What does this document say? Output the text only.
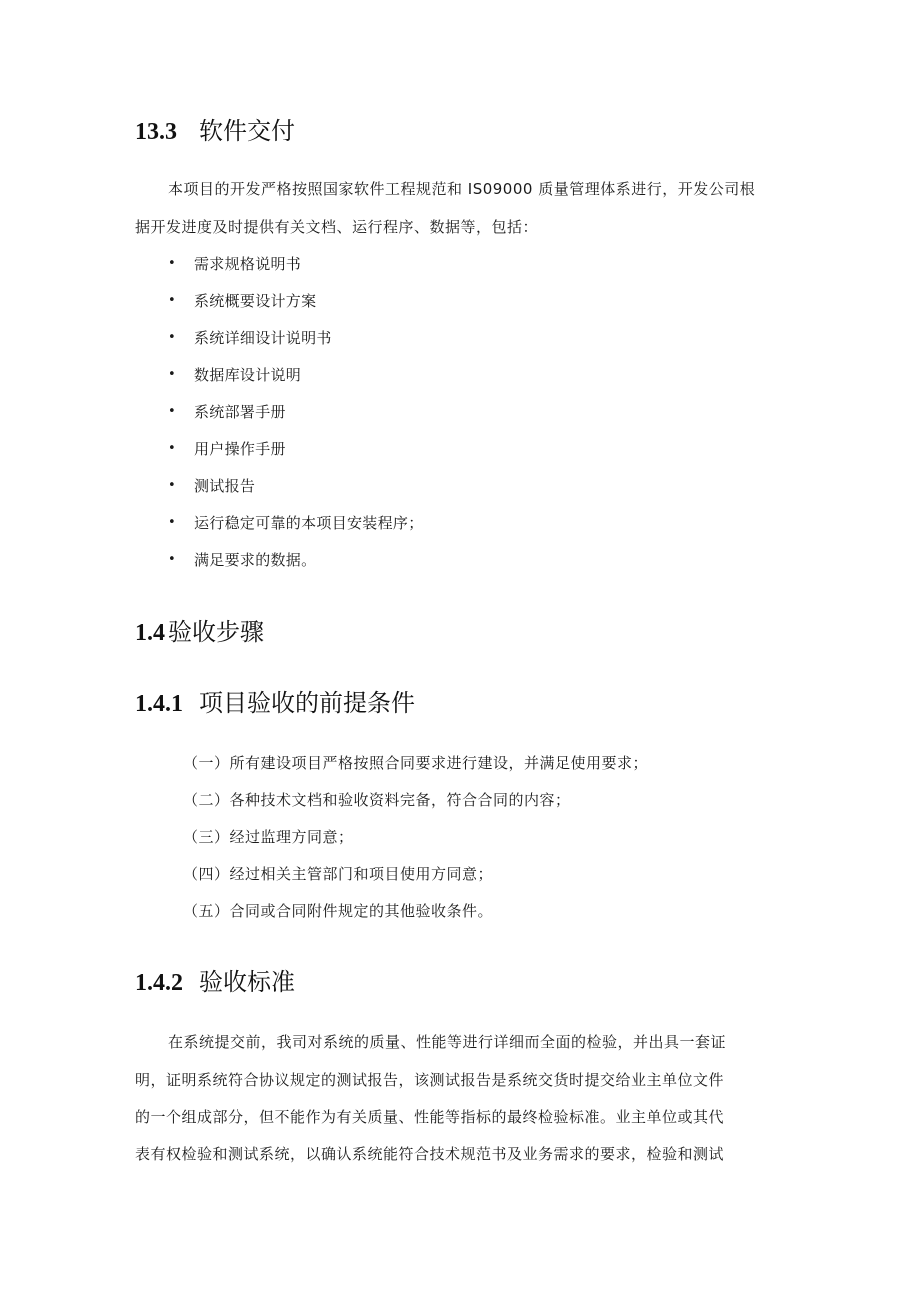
13.3 软件交付
本项目的开发严格按照国家软件工程规范和 IS09000 质量管理体系进行，开发公司根
据开发进度及时提供有关文档、运行程序、数据等，包括：
•	需求规格说明书
•	系统概要设计方案
•	系统详细设计说明书
•	数据库设计说明
•	系统部署手册
•	用户操作手册
•	测试报告
•	运行稳定可靠的本项目安装程序；
•	满足要求的数据。
1.4 验收步骤
1.4.1 项目验收的前提条件
（一）所有建设项目严格按照合同要求进行建设，并满足使用要求；
（二）各种技术文档和验收资料完备，符合合同的内容；
（三）经过监理方同意；
（四）经过相关主管部门和项目使用方同意；
（五）合同或合同附件规定的其他验收条件。
1.4.2 验收标准
在系统提交前，我司对系统的质量、性能等进行详细而全面的检验，并出具一套证
明，证明系统符合协议规定的测试报告，该测试报告是系统交货时提交给业主单位文件
的一个组成部分，但不能作为有关质量、性能等指标的最终检验标准。业主单位或其代
表有权检验和测试系统，以确认系统能符合技术规范书及业务需求的要求，检验和测试
